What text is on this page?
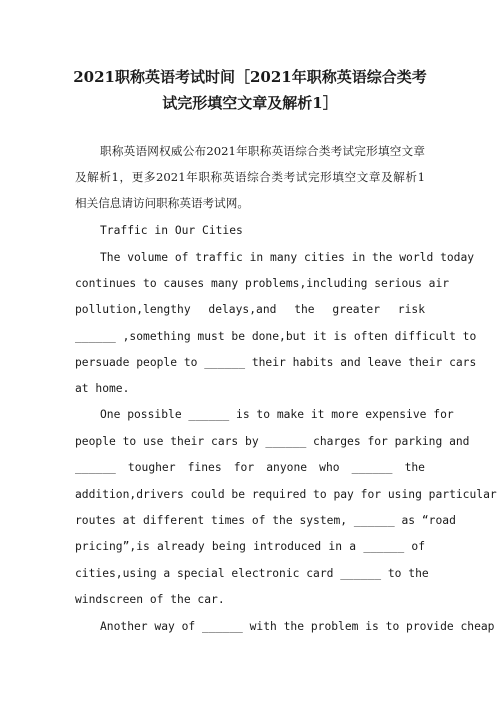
2021职称英语考试时间［2021年职称英语综合类考
试完形填空文章及解析1］

职称英语网权威公布2021年职称英语综合类考试完形填空文章

及解析1，更多2021年职称英语综合类考试完形填空文章及解析1

相关信息请访问职称英语考试网。

Traffic in Our Cities

The volume of traffic in many cities in the world today

continues to causes many problems,including serious air

pollution,lengthy delays,and the greater risk

______ ,something must be done,but it is often difficult to

persuade people to ______ their habits and leave their cars

at home.

One possible ______ is to make it more expensive for

people to use their cars by ______ charges for parking and

______ tougher fines for anyone who ______ the

addition,drivers could be required to pay for using particular

routes at different times of the system, ______ as “road

pricing”,is already being introduced in a ______ of

cities,using a special electronic card ______ to the

windscreen of the car.

Another way of ______ with the problem is to provide cheap
